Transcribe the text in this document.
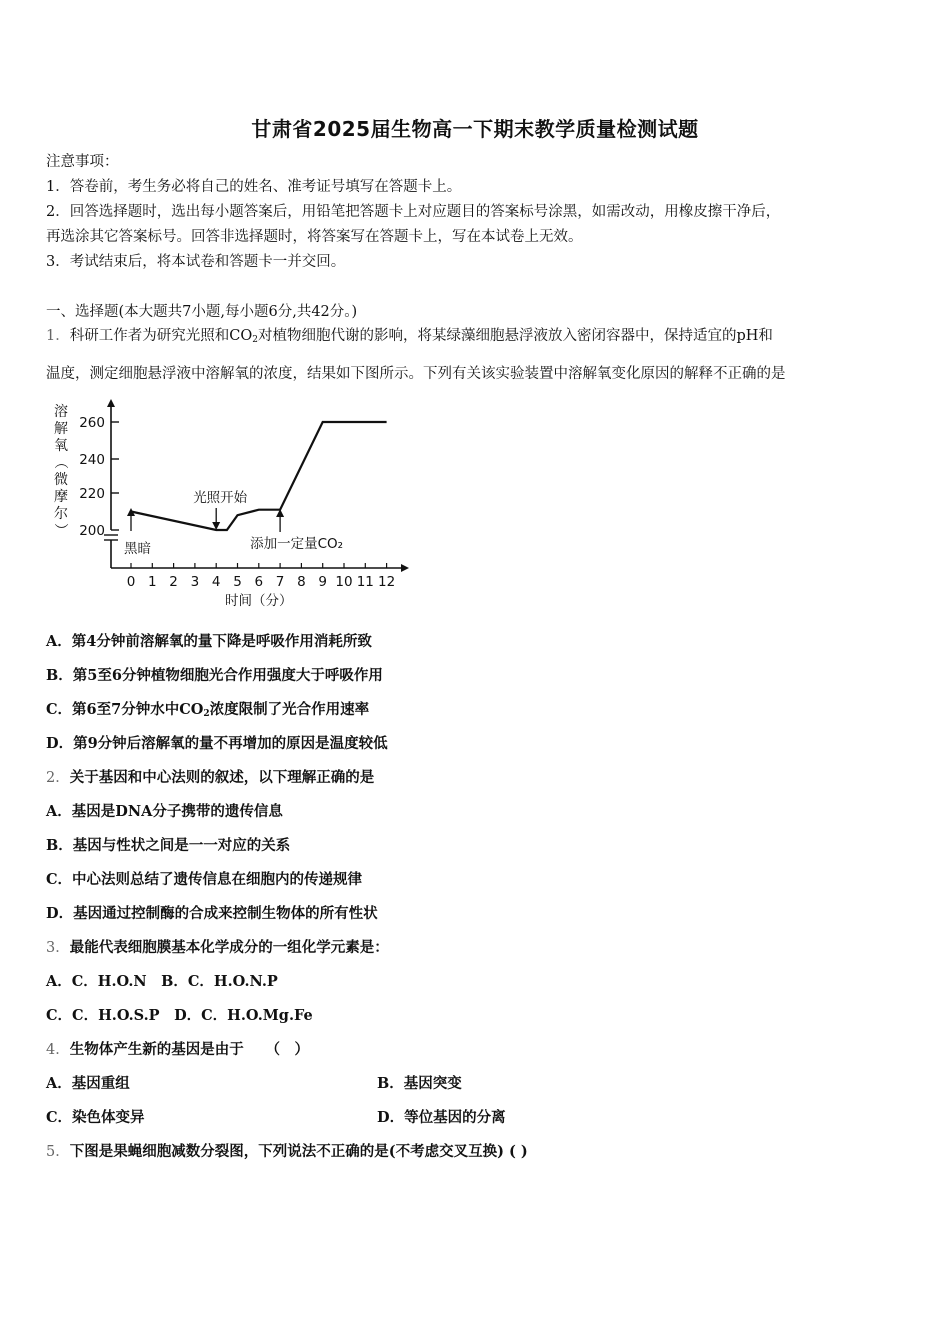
甘肃省2025届生物高一下期末教学质量检测试题
注意事项：
1．答卷前，考生务必将自己的姓名、准考证号填写在答题卡上。
2．回答选择题时，选出每小题答案后，用铅笔把答题卡上对应题目的答案标号涂黑，如需改动，用橡皮擦干净后，
再选涂其它答案标号。回答非选择题时，将答案写在答题卡上，写在本试卷上无效。
3．考试结束后，将本试卷和答题卡一并交回。
一、选择题(本大题共7小题,每小题6分,共42分。)
1．科研工作者为研究光照和$CO_2$对植物细胞代谢的影响，将某绿藻细胞悬浮液放入密闭容器中，保持适宜的pH和
温度，测定细胞悬浮液中溶解氧的浓度，结果如下图所示。下列有关该实验装置中溶解氧变化原因的解释不正确的是
溶
解
氧
（
微
摩
尔
） 200
220
240
260
0 1 2 3 4 5 6 7 8 9 10 11 12
时间（分）
黑暗
光照开始
添加一定量CO₂
A．第4分钟前溶解氧的量下降是呼吸作用消耗所致
B．第5至6分钟植物细胞光合作用强度大于呼吸作用
C．第6至7分钟水中$CO_2$浓度限制了光合作用速率
D．第9分钟后溶解氧的量不再增加的原因是温度较低
2．关于基因和中心法则的叙述，以下理解正确的是
A．基因是DNA分子携带的遗传信息
B．基因与性状之间是一一对应的关系
C．中心法则总结了遗传信息在细胞内的传递规律
D．基因通过控制酶的合成来控制生物体的所有性状
3．最能代表细胞膜基本化学成分的一组化学元素是：
A．C．H.O.N　B．C．H.O.N.P
C．C．H.O.S.P　D．C．H.O.Mg.Fe
4．生物体产生新的基因是由于　　（　）
A．基因重组	B．基因突变
C．染色体变异	D．等位基因的分离
5．下图是果蝇细胞减数分裂图，下列说法不正确的是(不考虑交叉互换) ( )
